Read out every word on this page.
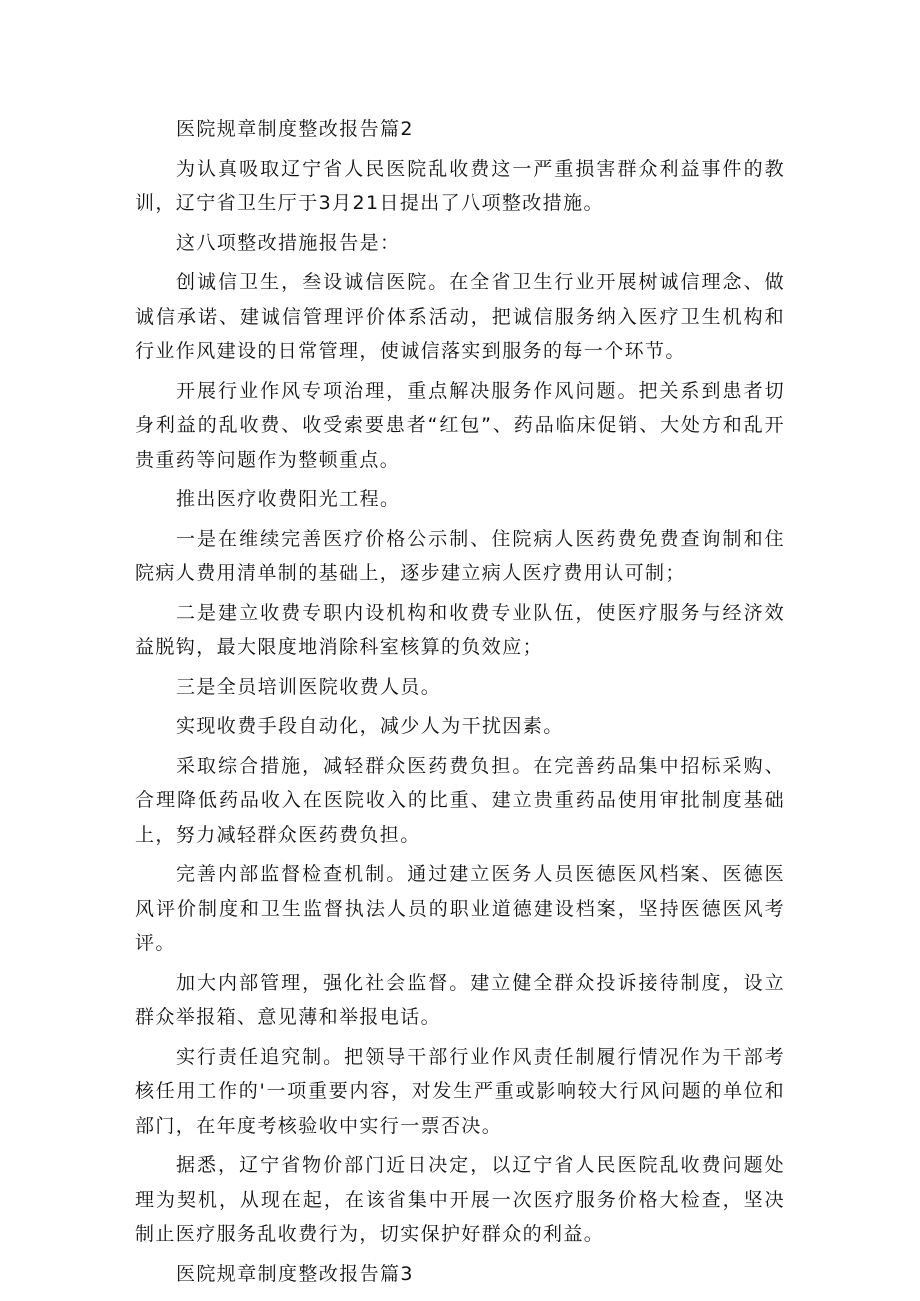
医院规章制度整改报告篇2

为认真吸取辽宁省人民医院乱收费这一严重损害群众利益事件的教训，辽宁省卫生厅于3月21日提出了八项整改措施。

这八项整改措施报告是：

创诚信卫生，叁设诚信医院。在全省卫生行业开展树诚信理念、做诚信承诺、建诚信管理评价体系活动，把诚信服务纳入医疗卫生机构和行业作风建设的日常管理，使诚信落实到服务的每一个环节。

开展行业作风专项治理，重点解决服务作风问题。把关系到患者切身利益的乱收费、收受索要患者“红包”、药品临床促销、大处方和乱开贵重药等问题作为整顿重点。

推出医疗收费阳光工程。

一是在维续完善医疗价格公示制、住院病人医药费免费查询制和住院病人费用清单制的基础上，逐步建立病人医疗费用认可制；

二是建立收费专职内设机构和收费专业队伍，使医疗服务与经济效益脱钩，最大限度地消除科室核算的负效应；

三是全员培训医院收费人员。

实现收费手段自动化，减少人为干扰因素。

采取综合措施，减轻群众医药费负担。在完善药品集中招标采购、合理降低药品收入在医院收入的比重、建立贵重药品使用审批制度基础上，努力减轻群众医药费负担。

完善内部监督检查机制。通过建立医务人员医德医风档案、医德医风评价制度和卫生监督执法人员的职业道德建设档案，坚持医德医风考评。

加大内部管理，强化社会监督。建立健全群众投诉接待制度，设立群众举报箱、意见薄和举报电话。

实行责任追究制。把领导干部行业作风责任制履行情况作为干部考核任用工作的'一项重要内容，对发生严重或影响较大行风问题的单位和部门，在年度考核验收中实行一票否决。

据悉，辽宁省物价部门近日决定，以辽宁省人民医院乱收费问题处理为契机，从现在起，在该省集中开展一次医疗服务价格大检查，坚决制止医疗服务乱收费行为，切实保护好群众的利益。

医院规章制度整改报告篇3
